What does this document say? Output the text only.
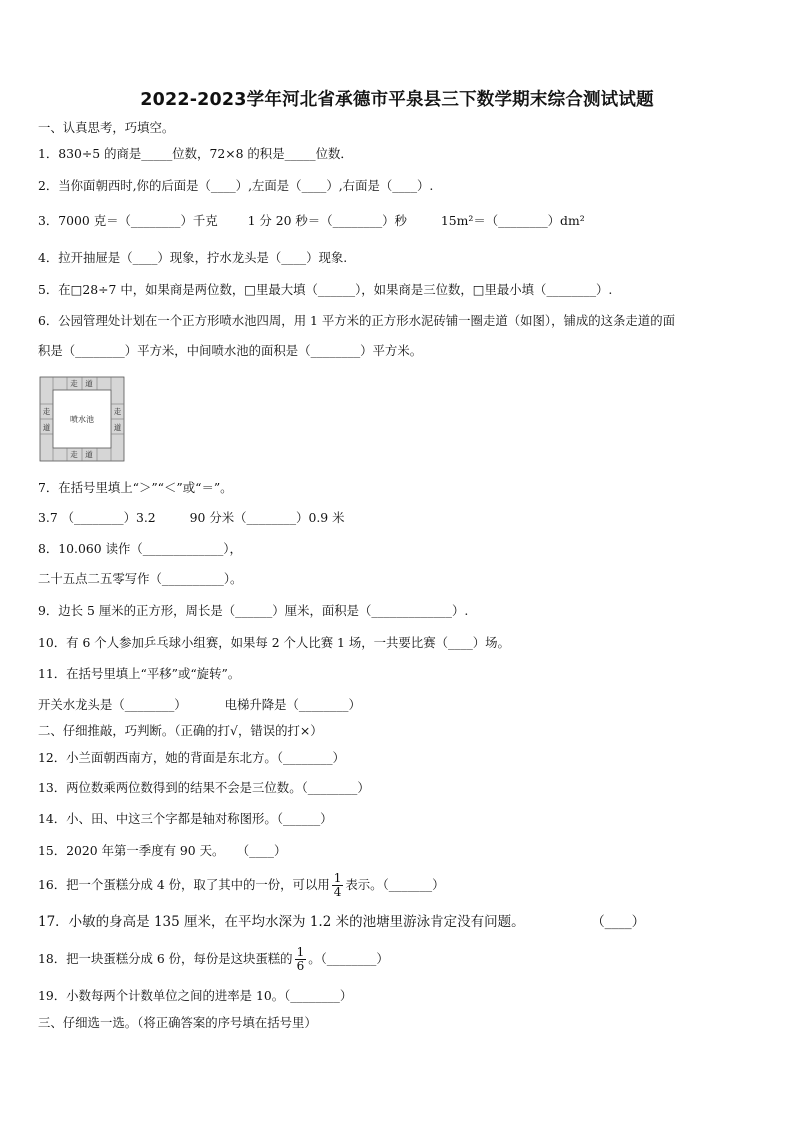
2022-2023学年河北省承德市平泉县三下数学期末综合测试试题
一、认真思考，巧填空。
1．830÷5 的商是_____位数，72×8 的积是_____位数．
2．当你面朝西时,你的后面是（____）,左面是（____）,右面是（____）.
3．7000 克＝（________）千克 1 分 20 秒＝（________）秒	15m²＝（________）dm²
4．拉开抽屉是（____）现象，拧水龙头是（____）现象.
5．在□28÷7 中，如果商是两位数，□里最大填（______），如果商是三位数，□里最小填（________）.
6．公园管理处计划在一个正方形喷水池四周，用 1 平方米的正方形水泥砖铺一圈走道（如图），铺成的这条走道的面
积是（________）平方米，中间喷水池的面积是（________）平方米。
走 道
走 道
走
道
走
道
喷水池
7．在括号里填上“＞”“＜”或“＝”。
3.7 （________）3.2	90 分米（________）0.9 米
8．10.060 读作（_____________），
二十五点二五零写作（__________）。
9．边长 5 厘米的正方形，周长是（______）厘米，面积是（_____________）.
10．有 6 个人参加乒乓球小组赛，如果每 2 个人比赛 1 场，一共要比赛（____）场。
11．在括号里填上“平移”或“旋转”。
开关水龙头是（________）	电梯升降是（________）
二、仔细推敲，巧判断。（正确的打√，错误的打×）
12．小兰面朝西南方，她的背面是东北方。（________）
13．两位数乘两位数得到的结果不会是三位数。（________）
14．小、田、中这三个字都是轴对称图形。（______）
15．2020 年第一季度有 90 天。　　（____）
16．把一个蛋糕分成 4 份，取了其中的一份，可以用 $\frac{1}{4}$ 表示。（_______）
17．小敏的身高是 135 厘米，在平均水深为 1.2 米的池塘里游泳肯定没有问题。	（____）
18．把一块蛋糕分成 6 份，每份是这块蛋糕的 $\frac{1}{6}$ 。（________）
19．小数每两个计数单位之间的进率是 10。（________）
三、仔细选一选。（将正确答案的序号填在括号里）
